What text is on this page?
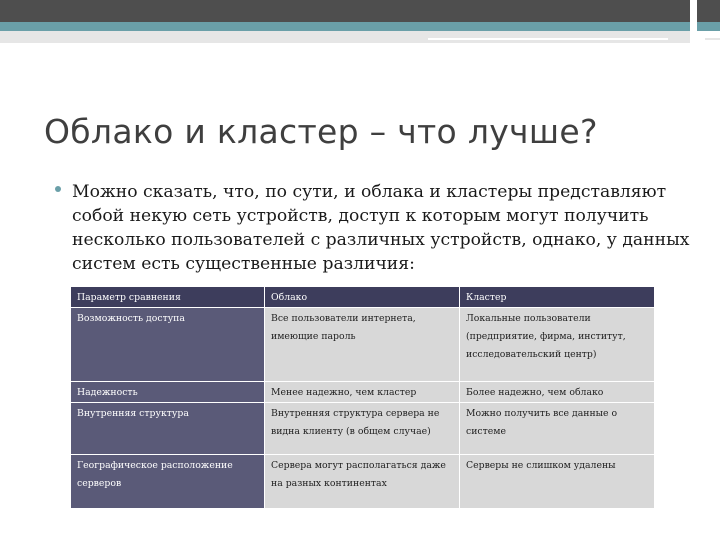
Облако и кластер – что лучше?
Можно сказать, что, по сути, и облака и кластеры представляют собой некую сеть устройств, доступ к которым могут получить несколько пользователей с различных устройств, однако, у данных систем есть существенные различия:
Параметр сравнения	Облако	Кластер
Возможность доступа	Все пользователи интернета, имеющие пароль	Локальные пользователи (предприятие, фирма, институт, исследовательский центр)
Надежность	Менее надежно, чем кластер	Более надежно, чем облако
Внутренняя структура	Внутренняя структура сервера не видна клиенту (в общем случае)	Можно получить все данные о системе
Географическое расположение серверов	Сервера могут располагаться даже на разных континентах	Серверы не слишком удалены
